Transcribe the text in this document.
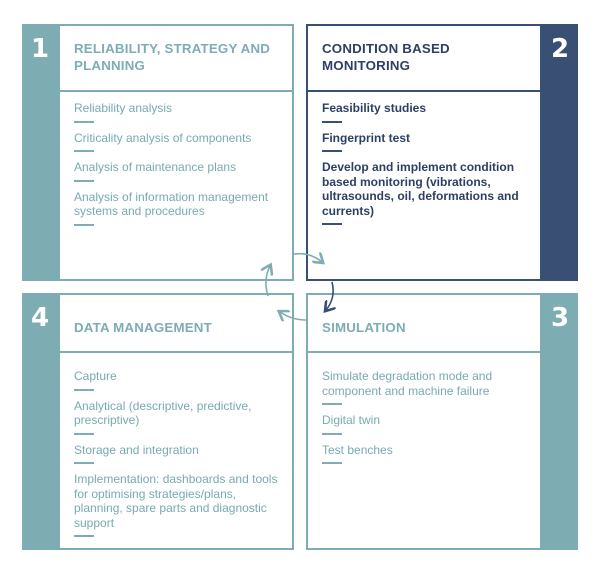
1 RELIABILITY, STRATEGY AND PLANNING
Reliability analysis
Criticality analysis of components
Analysis of maintenance plans
Analysis of information management systems and procedures
CONDITION BASED MONITORING
Feasibility studies
Fingerprint test
Develop and implement condition based monitoring (vibrations, ultrasounds, oil, deformations and currents)
2
4 DATA MANAGEMENT
Capture
Analytical (descriptive, predictive, prescriptive)
Storage and integration
Implementation: dashboards and tools for optimising strategies/plans, planning, spare parts and diagnostic support
SIMULATION
Simulate degradation mode and component and machine failure
Digital twin
Test benches
3
